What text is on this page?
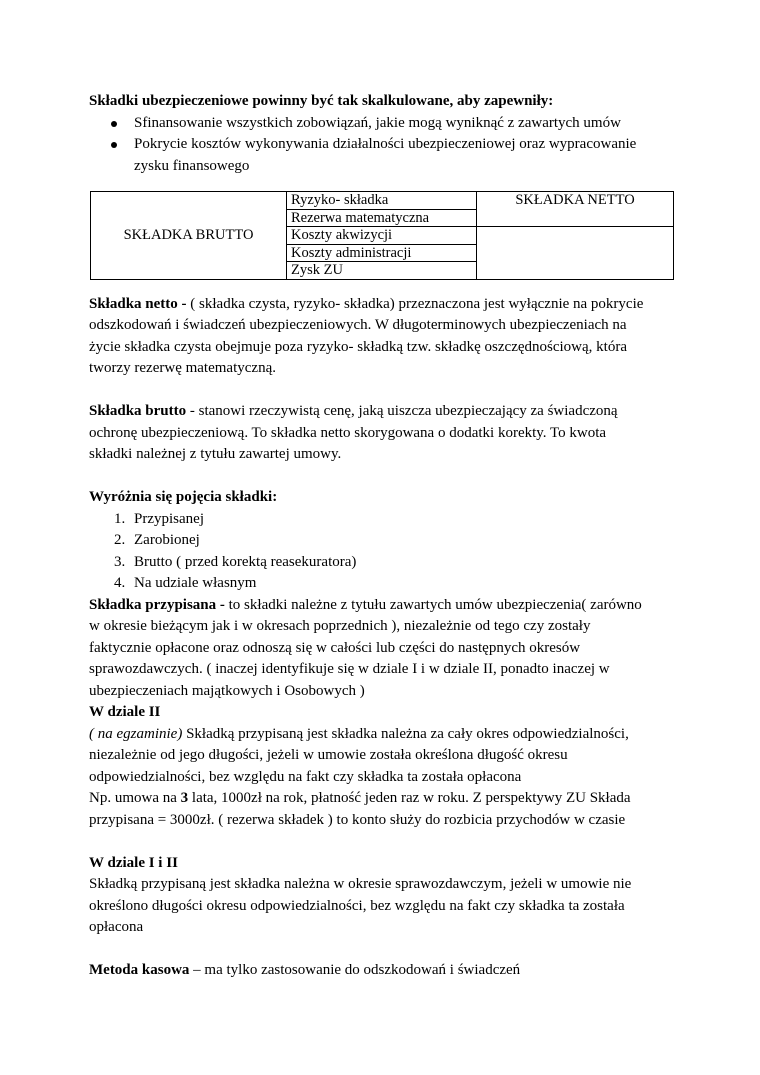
Składki ubezpieczeniowe powinny być tak skalkulowane, aby zapewniły:

Sfinansowanie wszystkich zobowiązań, jakie mogą wyniknąć z zawartych umów
Pokrycie kosztów wykonywania działalności ubezpieczeniowej oraz wypracowanie

zysku finansowego

SKŁADKA BRUTTO	Ryzyko- składka	SKŁADKA NETTO
	Rezerwa matematyczna	
	Koszty akwizycji	
	Koszty administracji	
	Zysk ZU	

Składka netto - ( składka czysta, ryzyko- składka) przeznaczona jest wyłącznie na pokrycie

odszkodowań i świadczeń ubezpieczeniowych. W długoterminowych ubezpieczeniach na

życie składka czysta obejmuje poza ryzyko- składką tzw. składkę oszczędnościową, która

tworzy rezerwę matematyczną.

Składka brutto - stanowi rzeczywistą cenę, jaką uiszcza ubezpieczający za świadczoną

ochronę ubezpieczeniową. To składka netto skorygowana o dodatki korekty. To kwota

składki należnej z tytułu zawartej umowy.

Wyróżnia się pojęcia składki:

1. Przypisanej
2. Zarobionej
3. Brutto ( przed korektą reasekuratora)
4. Na udziale własnym

Składka przypisana - to składki należne z tytułu zawartych umów ubezpieczenia( zarówno

w okresie bieżącym jak i w okresach poprzednich ), niezależnie od tego czy zostały

faktycznie opłacone oraz odnoszą się w całości lub części do następnych okresów

sprawozdawczych. ( inaczej identyfikuje się w dziale I i w dziale II, ponadto inaczej w

ubezpieczeniach majątkowych i Osobowych )

W dziale II

( na egzaminie) Składką przypisaną jest składka należna za cały okres odpowiedzialności,

niezależnie od jego długości, jeżeli w umowie została określona długość okresu

odpowiedzialności, bez względu na fakt czy składka ta została opłacona

Np. umowa na 3 lata, 1000zł na rok, płatność jeden raz w roku. Z perspektywy ZU Składa

przypisana = 3000zł. ( rezerwa składek ) to konto służy do rozbicia przychodów w czasie

W dziale I i II

Składką przypisaną jest składka należna w okresie sprawozdawczym, jeżeli w umowie nie

określono długości okresu odpowiedzialności, bez względu na fakt czy składka ta została

opłacona

Metoda kasowa – ma tylko zastosowanie do odszkodowań i świadczeń
